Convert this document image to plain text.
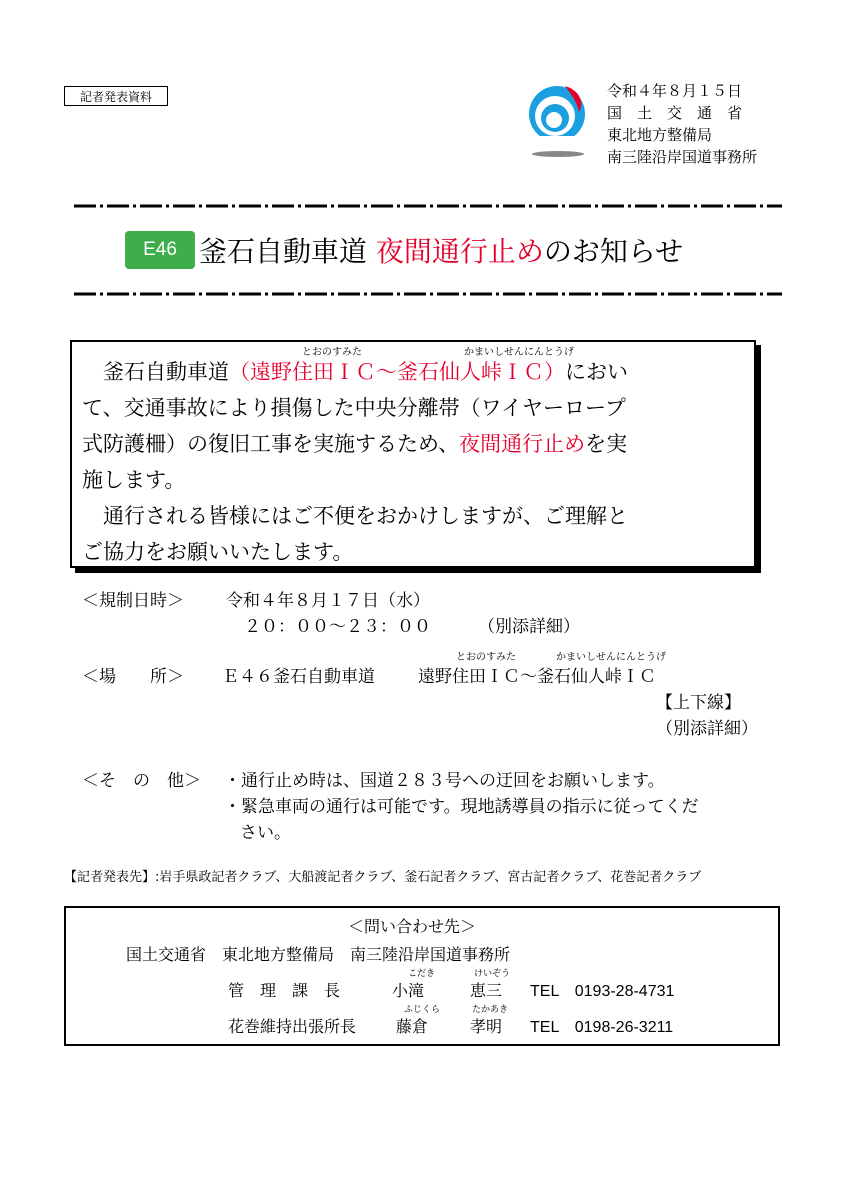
記者発表資料	令和４年８月１５日
国　土　交　通　省
東北地方整備局
南三陸沿岸国道事務所
E46 釜石自動車道 夜間通行止めのお知らせ
とおのすみた	かまいしせんにんとうげ
　釜石自動車道（遠野住田ＩＣ～釜石仙人峠ＩＣ）におい
て、交通事故により損傷した中央分離帯（ワイヤーロープ
式防護柵）の復旧工事を実施するため、夜間通行止めを実
施します。
　通行される皆様にはご不便をおかけしますが、ご理解と
ご協力をお願いいたします。
＜規制日時＞ 令和４年８月１７日（水）
２０：００～２３：００	（別添詳細）
とおのすみた	かまいしせんにんとうげ
＜場　　所＞ Ｅ４６釜石自動車道	遠野住田ＩＣ～釜石仙人峠ＩＣ
【上下線】
（別添詳細）
＜そ　の　他＞ ・通行止め時は、国道２８３号への迂回をお願いします。
・緊急車両の通行は可能です。現地誘導員の指示に従ってくだ
さい。
【記者発表先】:岩手県政記者クラブ、大船渡記者クラブ、釜石記者クラブ、宮古記者クラブ、花巻記者クラブ
＜問い合わせ先＞
国土交通省　東北地方整備局　南三陸沿岸国道事務所
こだき	けいぞう
管　理　課　長	小滝	恵三 TEL　0193-28-4731
ふじくら	たかあき
花巻維持出張所長 藤倉	孝明 TEL　0198-26-3211
